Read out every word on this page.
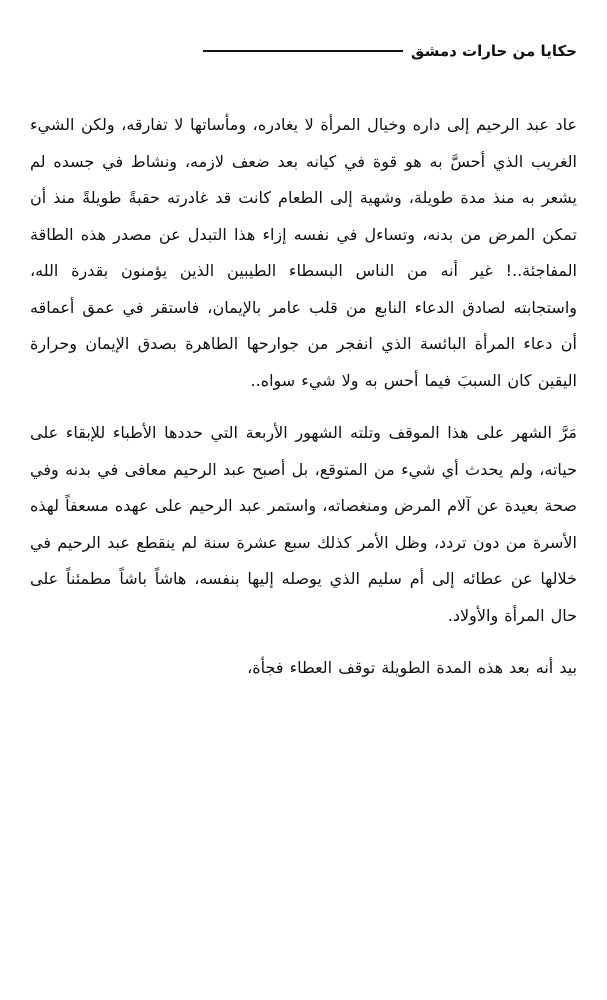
حكايا من حارات دمشق

عاد عبد الرحيم إلى داره وخيال المرأة لا يغادره، ومأساتها لا تفارقه، ولكن الشيء الغريب الذي أحسَّ به هو قوة في كيانه بعد ضعف لازمه، ونشاط في جسده لم يشعر به منذ مدة طويلة، وشهية إلى الطعام كانت قد غادرته حقبةً طويلةً منذ أن تمكن المرض من بدنه، وتساءل في نفسه إزاء هذا التبدل عن مصدر هذه الطاقة المفاجئة..! غير أنه من الناس البسطاء الطيبين الذين يؤمنون بقدرة الله، واستجابته لصادق الدعاء النابع من قلب عامر بالإيمان، فاستقر في عمق أعماقه أن دعاء المرأة البائسة الذي انفجر من جوارحها الطاهرة بصدق الإيمان وحرارة اليقين كان السببَ فيما أحس به ولا شيء سواه..

مَرَّ الشهر على هذا الموقف وتلته الشهور الأربعة التي حددها الأطباء للإبقاء على حياته، ولم يحدث أي شيء من المتوقع، بل أصبح عبد الرحيم معافى في بدنه وفي صحة بعيدة عن آلام المرض ومنغصاته، واستمر عبد الرحيم على عهده مسعفاً لهذه الأسرة من دون تردد، وظل الأمر كذلك سبع عشرة سنة لم ينقطع عبد الرحيم في خلالها عن عطائه إلى أم سليم الذي يوصله إليها بنفسه، هاشاً باشاً مطمئناً على حال المرأة والأولاد.

بيد أنه بعد هذه المدة الطويلة توقف العطاء فجأة،
